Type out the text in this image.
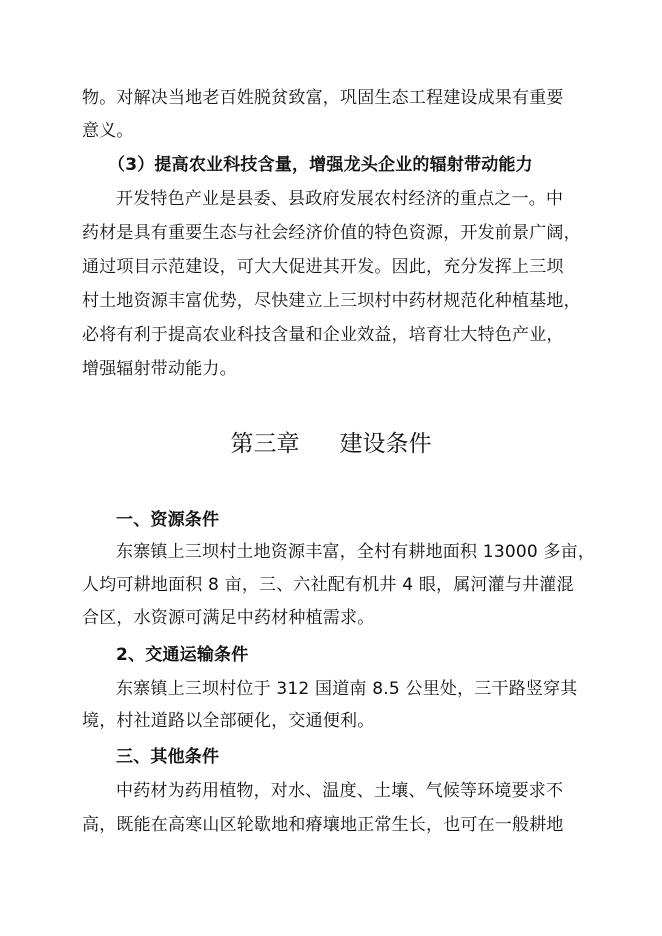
物。对解决当地老百姓脱贫致富，巩固生态工程建设成果有重要
意义。
（3）提高农业科技含量，增强龙头企业的辐射带动能力
开发特色产业是县委、县政府发展农村经济的重点之一。中
药材是具有重要生态与社会经济价值的特色资源，开发前景广阔，
通过项目示范建设，可大大促进其开发。因此，充分发挥上三坝
村土地资源丰富优势，尽快建立上三坝村中药材规范化种植基地，
必将有利于提高农业科技含量和企业效益，培育壮大特色产业，
增强辐射带动能力。
第三章 建设条件
一、资源条件
东寨镇上三坝村土地资源丰富，全村有耕地面积 13000 多亩，
人均可耕地面积 8 亩，三、六社配有机井 4 眼，属河灌与井灌混
合区，水资源可满足中药材种植需求。
2、交通运输条件
东寨镇上三坝村位于 312 国道南 8.5 公里处，三干路竖穿其
境，村社道路以全部硬化，交通便利。
三、其他条件
中药材为药用植物，对水、温度、土壤、气候等环境要求不
高，既能在高寒山区轮歇地和瘠壤地正常生长，也可在一般耕地
